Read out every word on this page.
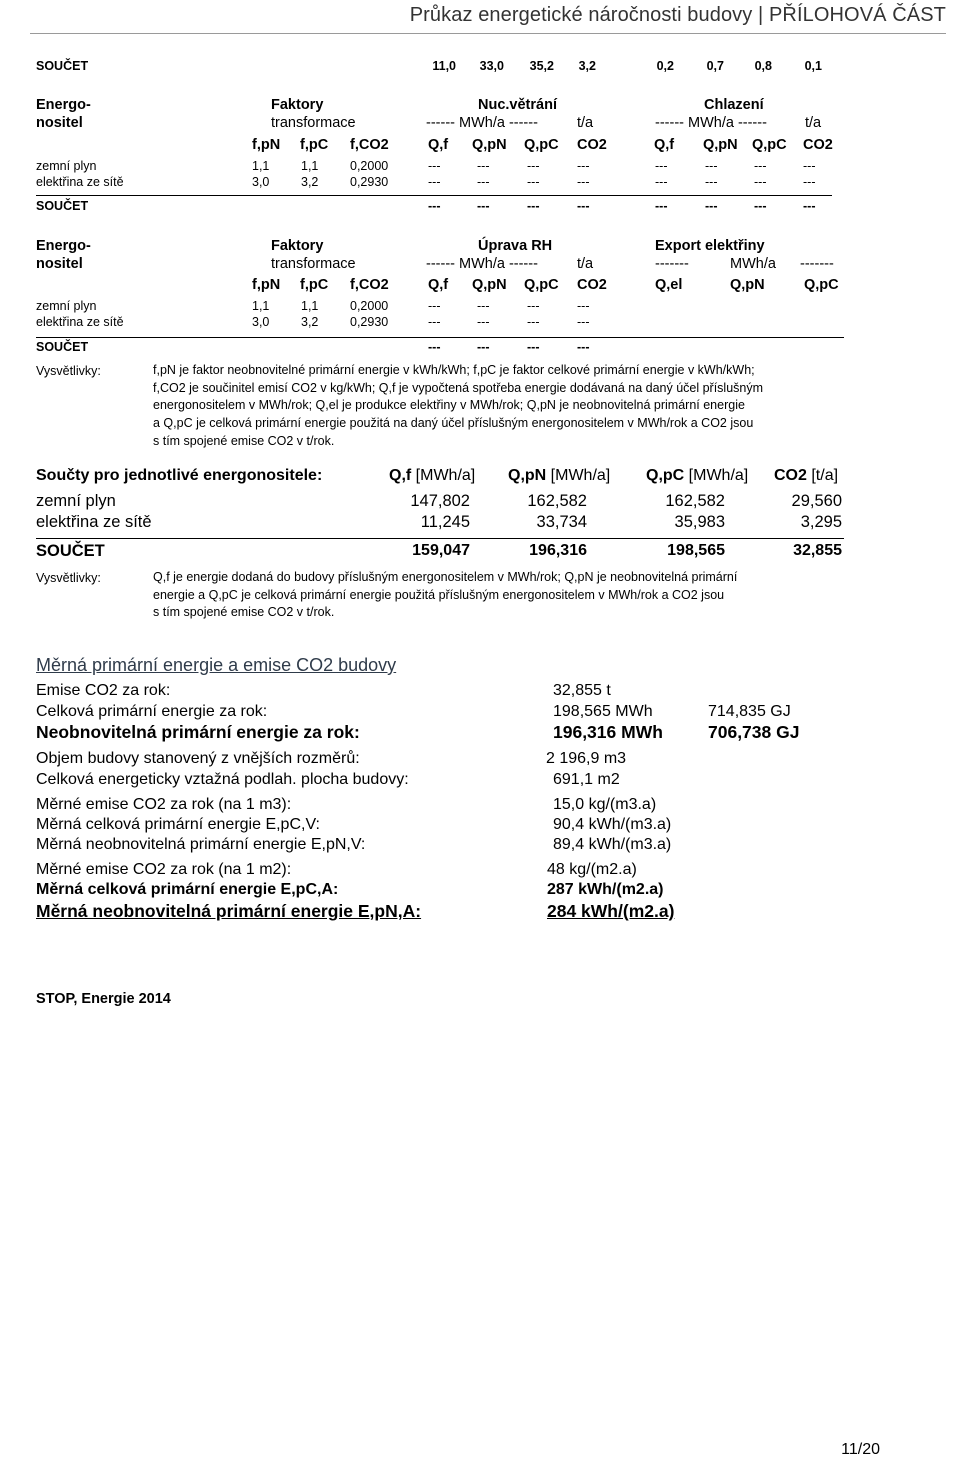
Průkaz energetické náročnosti budovy | PŘÍLOHOVÁ ČÁST
SOUČET	11,0	33,0	35,2	3,2	0,2	0,7	0,8	0,1
Energo-
nositel
Faktory
transformace
Nuc.větrání
------ MWh/a ------	t/a
Chlazení
------ MWh/a ------	t/a
f,pN f,pC f,CO2	Q,f Q,pN Q,pC CO2	Q,f Q,pN Q,pC CO2
zemní plyn	1,1	1,1	0,2000	---	---	---	---	---	---	---	---
elektřina ze sítě	3,0	3,2	0,2930	---	---	---	---	---	---	---	---
SOUČET	---	---	---	---	---	---	---	---
Energo-
nositel
Faktory
transformace
Úprava RH
------ MWh/a ------	t/a
Export elektřiny
-------	MWh/a -------
f,pN f,pC f,CO2	Q,f Q,pN Q,pC CO2	Q,el	Q,pN	Q,pC
zemní plyn	1,1	1,1	0,2000	---	---	---	---
elektřina ze sítě	3,0	3,2	0,2930	---	---	---	---
SOUČET	---	---	---	---
Vysvětlivky:	f,pN je faktor neobnovitelné primární energie v kWh/kWh; f,pC je faktor celkové primární energie v kWh/kWh;
f,CO2 je součinitel emisí CO2 v kg/kWh; Q,f je vypočtená spotřeba energie dodávaná na daný účel příslušným
energonositelem v MWh/rok; Q,el je produkce elektřiny v MWh/rok; Q,pN je neobnovitelná primární energie
a Q,pC je celková primární energie použitá na daný účel příslušným energonositelem v MWh/rok a CO2 jsou
s tím spojené emise CO2 v t/rok.
Součty pro jednotlivé energonositele:	Q,f [MWh/a] Q,pN [MWh/a] Q,pC [MWh/a] CO2 [t/a]
zemní plyn	147,802	162,582	162,582	29,560
elektřina ze sítě	11,245	33,734	35,983	3,295
SOUČET	159,047	196,316	198,565	32,855
Vysvětlivky:	Q,f je energie dodaná do budovy příslušným energonositelem v MWh/rok; Q,pN je neobnovitelná primární
energie a Q,pC je celková primární energie použitá příslušným energonositelem v MWh/rok a CO2 jsou
s tím spojené emise CO2 v t/rok.
Měrná primární energie a emise CO2 budovy
Emise CO2 za rok:	32,855 t
Celková primární energie za rok:	198,565 MWh	714,835 GJ
Neobnovitelná primární energie za rok:	196,316 MWh	706,738 GJ
Objem budovy stanovený z vnějších rozměrů:	2 196,9 m3
Celková energeticky vztažná podlah. plocha budovy:	691,1 m2
Měrné emise CO2 za rok (na 1 m3):	15,0 kg/(m3.a)
Měrná celková primární energie E,pC,V:	90,4 kWh/(m3.a)
Měrná neobnovitelná primární energie E,pN,V:	89,4 kWh/(m3.a)
Měrné emise CO2 za rok (na 1 m2):	48 kg/(m2.a)
Měrná celková primární energie E,pC,A:	287 kWh/(m2.a)
Měrná neobnovitelná primární energie E,pN,A:	284 kWh/(m2.a)
STOP, Energie 2014
11/20
